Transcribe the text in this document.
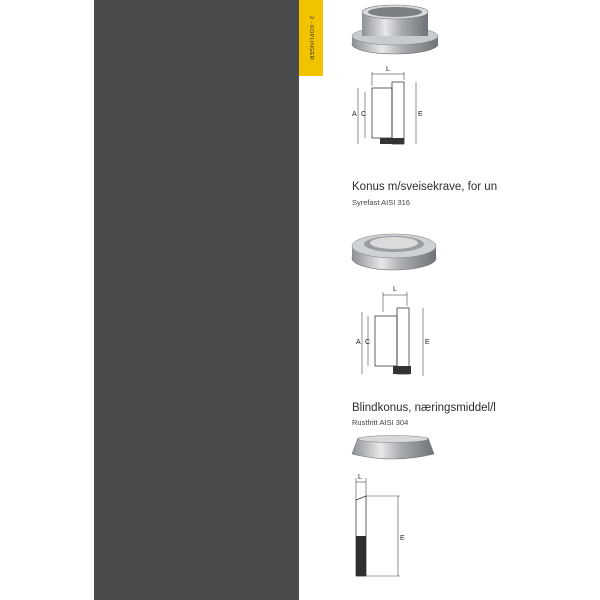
2 - KOPLINGER
L
A C	E
Konus m/sveisekrave, for un
Syrefast AISI 316
L
A C	E
Blindkonus, næringsmiddel/l
Rustfritt AISI 304
L
E
